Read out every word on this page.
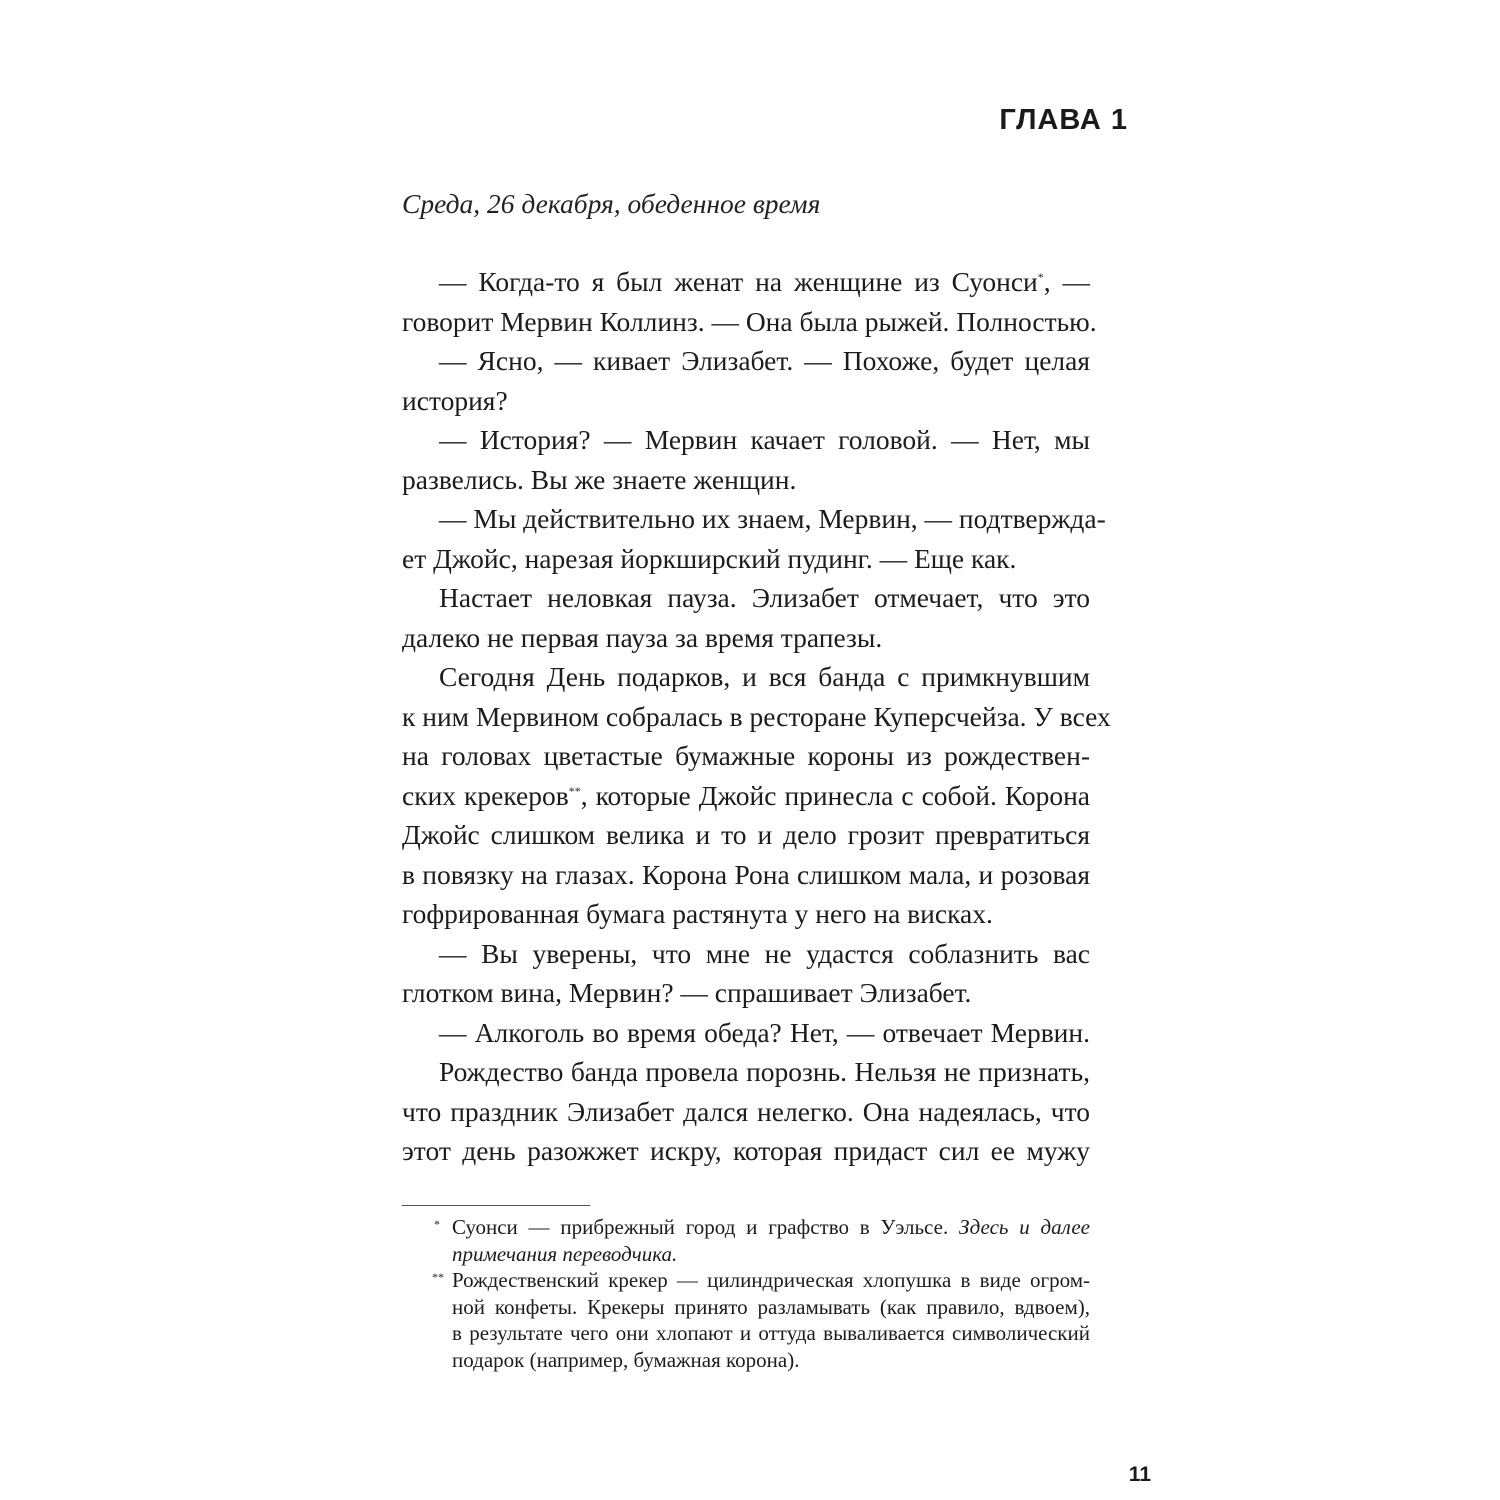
ГЛАВА 1
Среда, 26 декабря, обеденное время
— Когда-то я был женат на женщине из Суонси*, —
говорит Мервин Коллинз. — Она была рыжей. Полностью.
— Ясно, — кивает Элизабет. — Похоже, будет целая
история?
— История? — Мервин качает головой. — Нет, мы
развелись. Вы же знаете женщин.
— Мы действительно их знаем, Мервин, — подтвержда-
ет Джойс, нарезая йоркширский пудинг. — Еще как.
Настает неловкая пауза. Элизабет отмечает, что это
далеко не первая пауза за время трапезы.
Сегодня День подарков, и вся банда с примкнувшим
к ним Мервином собралась в ресторане Куперсчейза. У всех
на головах цветастые бумажные короны из рождествен-
ских крекеров**, которые Джойс принесла с собой. Корона
Джойс слишком велика и то и дело грозит превратиться
в повязку на глазах. Корона Рона слишком мала, и розовая
гофрированная бумага растянута у него на висках.
— Вы уверены, что мне не удастся соблазнить вас
глотком вина, Мервин? — спрашивает Элизабет.
— Алкоголь во время обеда? Нет, — отвечает Мервин.
Рождество банда провела порознь. Нельзя не признать,
что праздник Элизабет дался нелегко. Она надеялась, что
этот день разожжет искру, которая придаст сил ее мужу
* Суонси — прибрежный город и графство в Уэльсе. Здесь и далее
примечания переводчика.
** Рождественский крекер — цилиндрическая хлопушка в виде огром-
ной конфеты. Крекеры принято разламывать (как правило, вдвоем),
в результате чего они хлопают и оттуда вываливается символический
подарок (например, бумажная корона).
11
